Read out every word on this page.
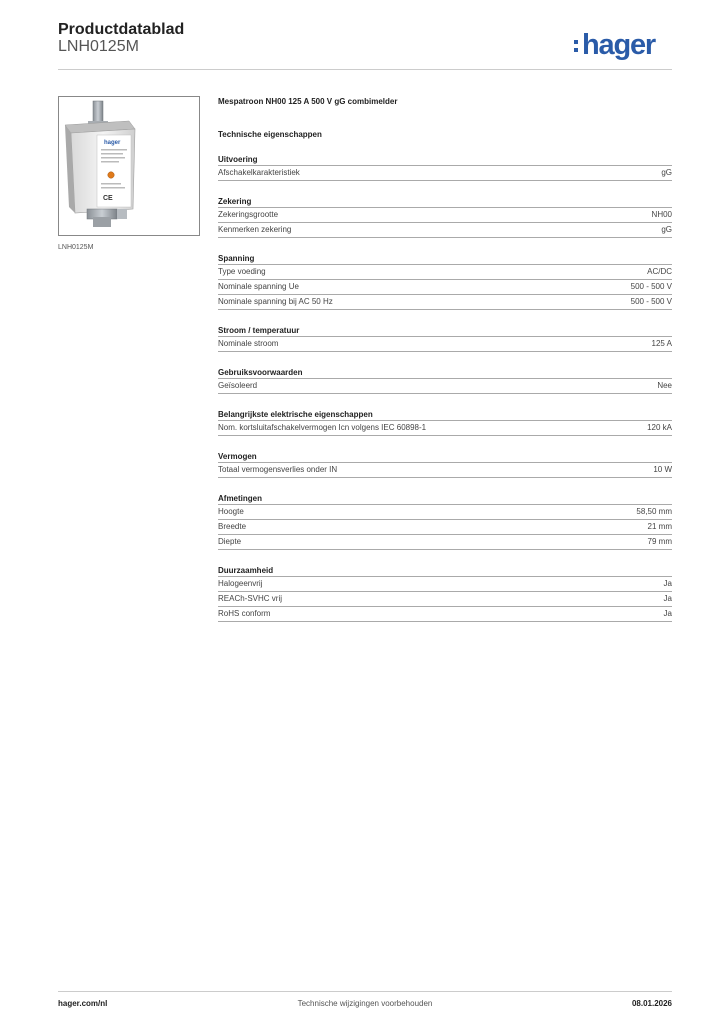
Productdatablad
LNH0125M	hager
hager
CE
LNH0125M
Mespatroon NH00 125 A 500 V gG combimelder
Technische eigenschappen
Uitvoering
Afschakelkarakteristiek	gG
Zekering
Zekeringsgrootte	NH00
Kenmerken zekering	gG
Spanning
Type voeding	AC/DC
Nominale spanning Ue	500 - 500 V
Nominale spanning bij AC 50 Hz	500 - 500 V
Stroom / temperatuur
Nominale stroom	125 A
Gebruiksvoorwaarden
Geïsoleerd	Nee
Belangrijkste elektrische eigenschappen
Nom. kortsluitafschakelvermogen Icn volgens IEC 60898-1	120 kA
Vermogen
Totaal vermogensverlies onder IN	10 W
Afmetingen
Hoogte	58,50 mm
Breedte	21 mm
Diepte	79 mm
Duurzaamheid
Halogeenvrij	Ja
REACh-SVHC vrij	Ja
RoHS conform	Ja
hager.com/nl	Technische wijzigingen voorbehouden	08.01.2026
